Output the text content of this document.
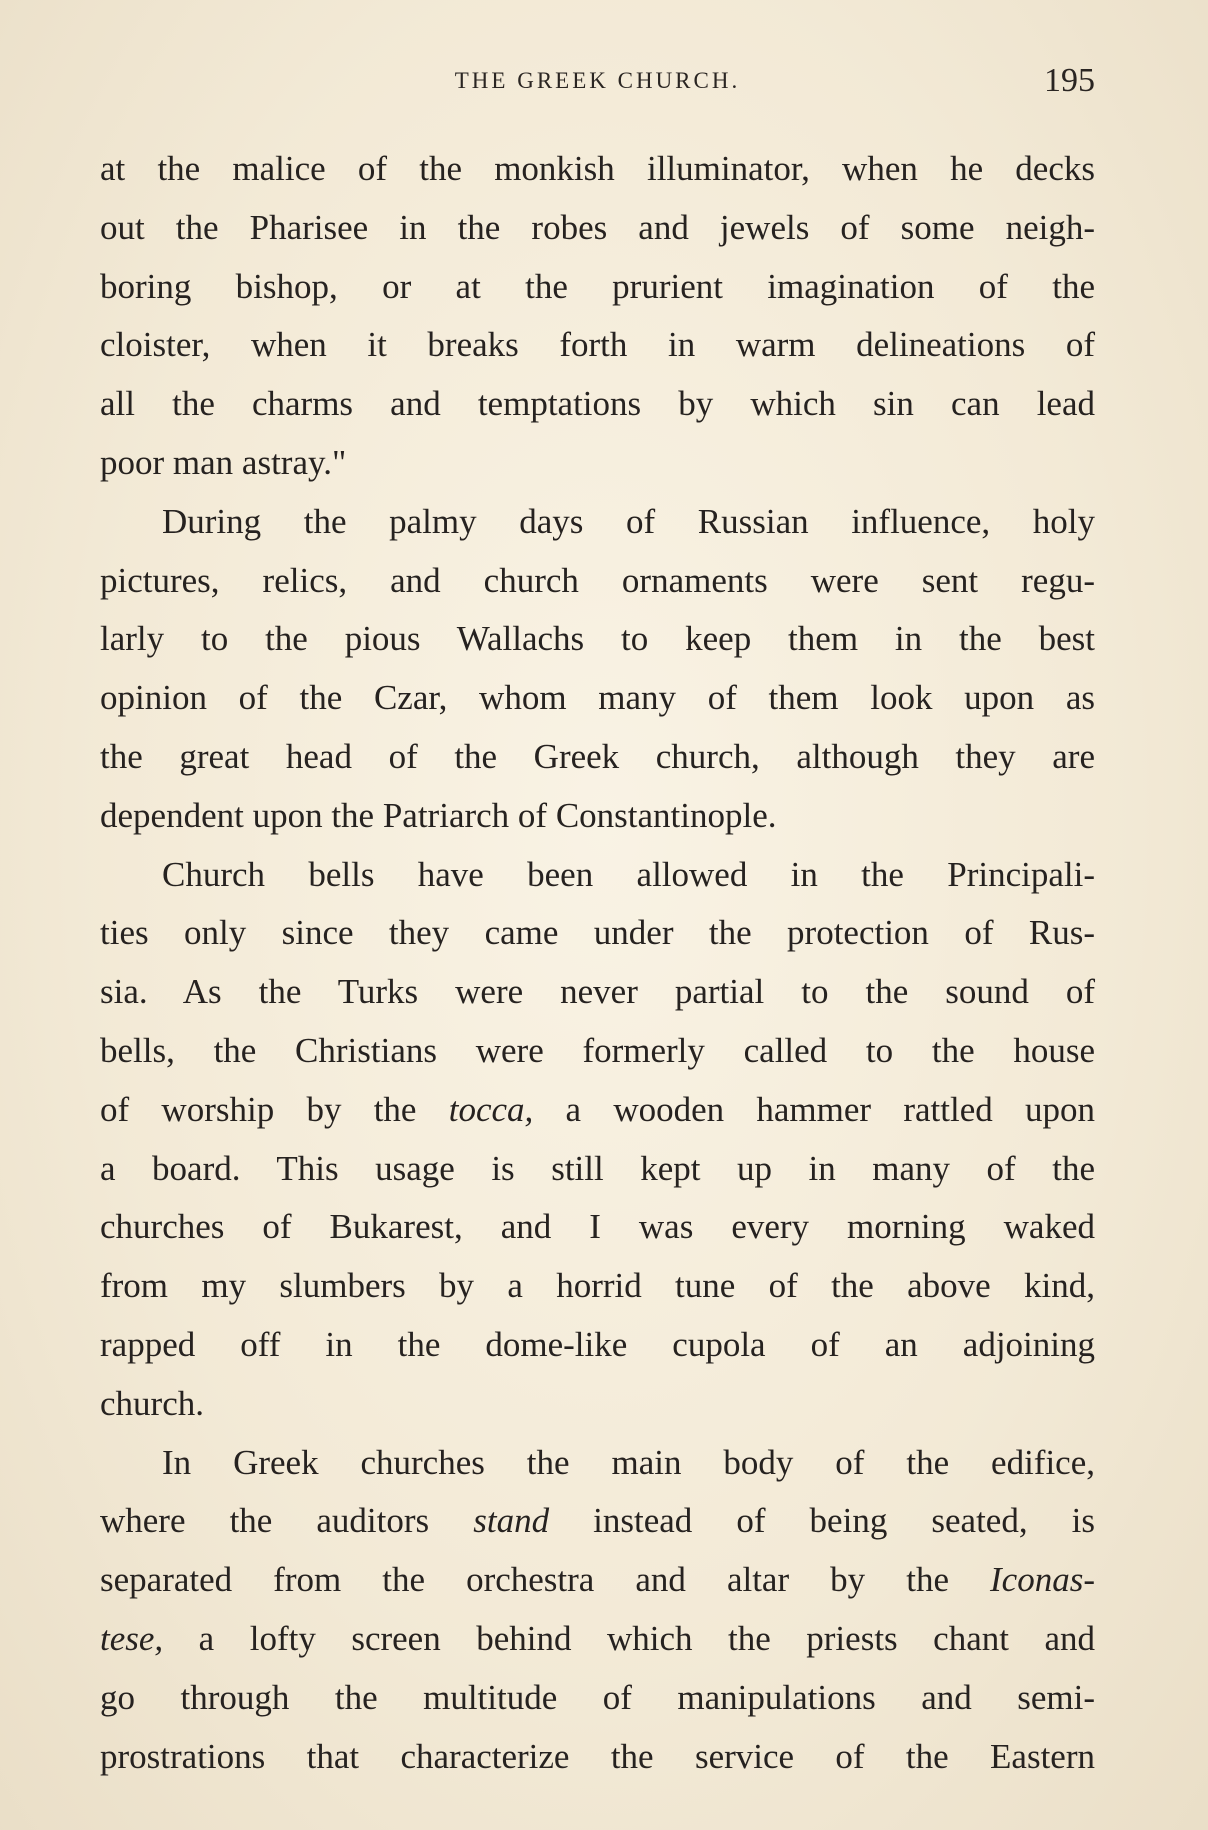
THE GREEK CHURCH.	195
at the malice of the monkish illuminator, when he decks
out the Pharisee in the robes and jewels of some neigh-
boring bishop, or at the prurient imagination of the
cloister, when it breaks forth in warm delineations of
all the charms and temptations by which sin can lead
poor man astray."
During the palmy days of Russian influence, holy
pictures, relics, and church ornaments were sent regu-
larly to the pious Wallachs to keep them in the best
opinion of the Czar, whom many of them look upon as
the great head of the Greek church, although they are
dependent upon the Patriarch of Constantinople.
Church bells have been allowed in the Principali-
ties only since they came under the protection of Rus-
sia. As the Turks were never partial to the sound of
bells, the Christians were formerly called to the house
of worship by the tocca, a wooden hammer rattled upon
a board. This usage is still kept up in many of the
churches of Bukarest, and I was every morning waked
from my slumbers by a horrid tune of the above kind,
rapped off in the dome-like cupola of an adjoining
church.
In Greek churches the main body of the edifice,
where the auditors stand instead of being seated, is
separated from the orchestra and altar by the Iconas-
tese, a lofty screen behind which the priests chant and
go through the multitude of manipulations and semi-
prostrations that characterize the service of the Eastern
